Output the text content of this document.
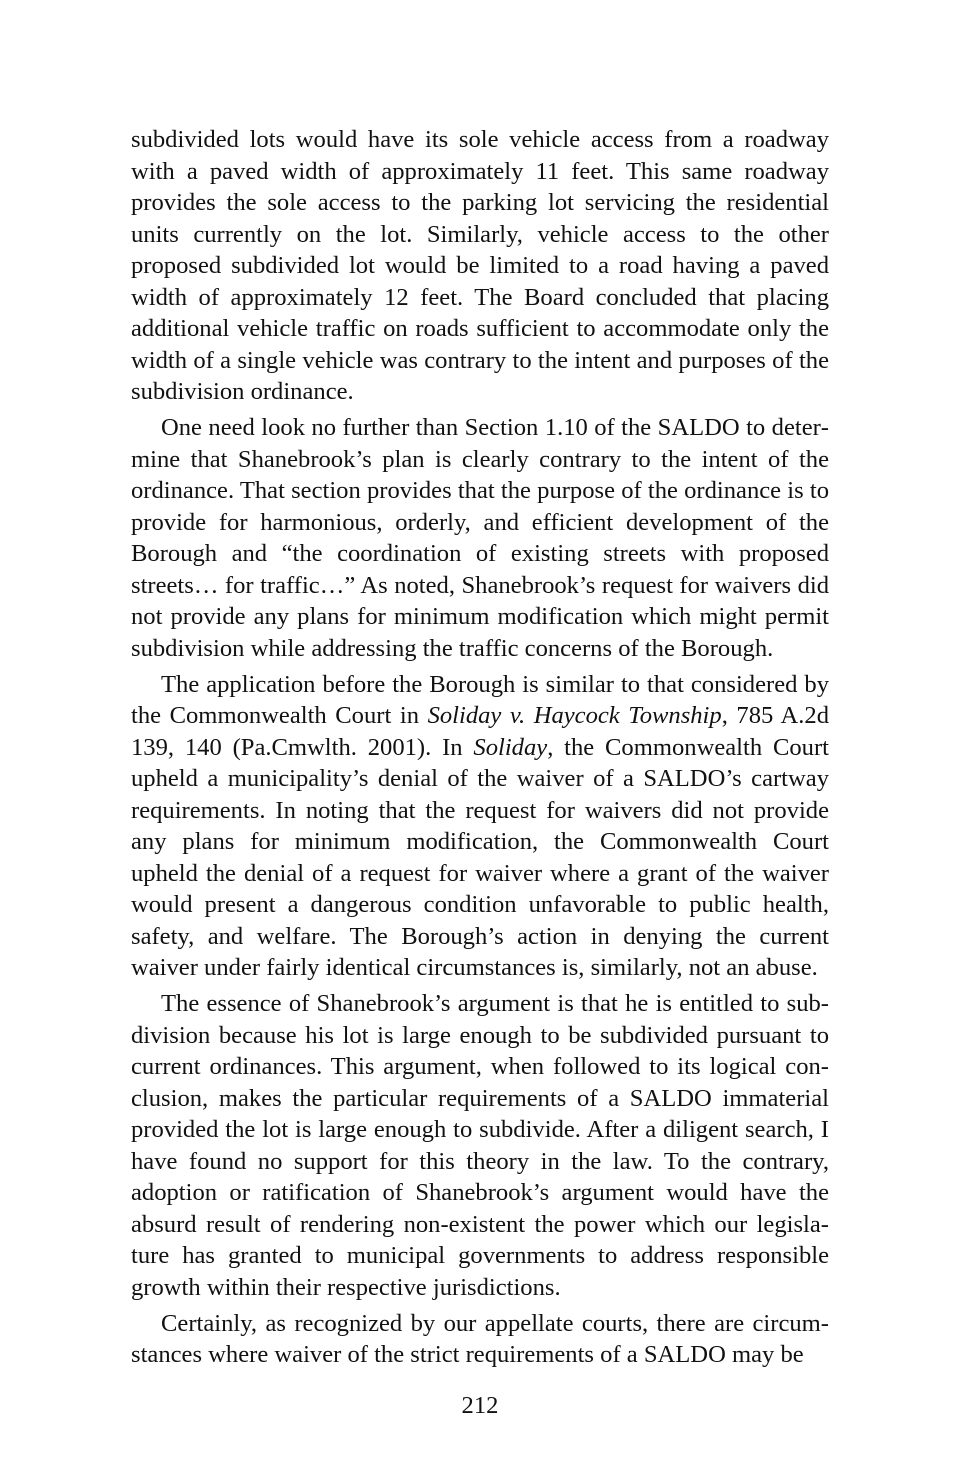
subdivided lots would have its sole vehicle access from a roadway with a paved width of approximately 11 feet. This same roadway provides the sole access to the parking lot servicing the residential units currently on the lot. Similarly, vehicle access to the other proposed subdivided lot would be limited to a road having a paved width of approximately 12 feet. The Board concluded that placing additional vehicle traffic on roads sufficient to accommodate only the width of a single vehicle was contrary to the intent and purposes of the subdivision ordinance.

One need look no further than Section 1.10 of the SALDO to determine that Shanebrook’s plan is clearly contrary to the intent of the ordinance. That section provides that the purpose of the ordinance is to provide for harmonious, orderly, and efficient development of the Borough and “the coordination of existing streets with proposed streets… for traffic…” As noted, Shanebrook’s request for waivers did not provide any plans for minimum modification which might permit subdivision while addressing the traffic concerns of the Borough.

The application before the Borough is similar to that considered by the Commonwealth Court in Soliday v. Haycock Township, 785 A.2d 139, 140 (Pa.Cmwlth. 2001). In Soliday, the Commonwealth Court upheld a municipality’s denial of the waiver of a SALDO’s cartway requirements. In noting that the request for waivers did not provide any plans for minimum modification, the Commonwealth Court upheld the denial of a request for waiver where a grant of the waiver would present a dangerous condition unfavorable to public health, safety, and welfare. The Borough’s action in denying the current waiver under fairly identical circumstances is, similarly, not an abuse.

The essence of Shanebrook’s argument is that he is entitled to subdivision because his lot is large enough to be subdivided pursuant to current ordinances. This argument, when followed to its logical conclusion, makes the particular requirements of a SALDO immaterial provided the lot is large enough to subdivide. After a diligent search, I have found no support for this theory in the law. To the contrary, adoption or ratification of Shanebrook’s argument would have the absurd result of rendering non-existent the power which our legislature has granted to municipal governments to address responsible growth within their respective jurisdictions.

Certainly, as recognized by our appellate courts, there are circumstances where waiver of the strict requirements of a SALDO may be

212
